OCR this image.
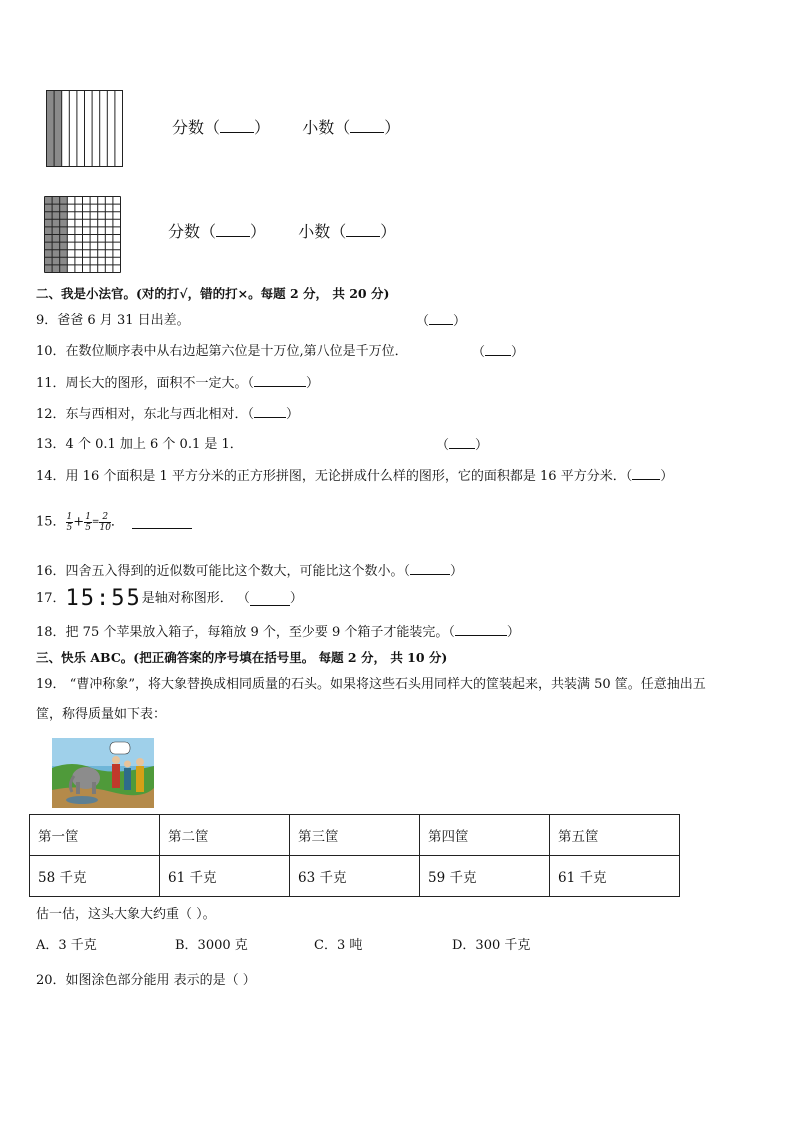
分数（ ） 小数（ ）
分数（ ） 小数（ ）
二、我是小法官。(对的打√，错的打×。每题 2 分， 共 20 分)
9．爸爸 6 月 31 日出差。	（ ）
10．在数位顺序表中从右边起第六位是十万位,第八位是千万位．	（ ）
11．周长大的图形，面积不一定大。（	）
12．东与西相对，东北与西北相对．（ ）
13．4 个 0.1 加上 6 个 0.1 是 1．	（ ）
14．用 16 个面积是 1 平方分米的正方形拼图，无论拼成什么样的图形，它的面积都是 16 平方分米．（ ）
15． $\frac{1}{5} + \frac{1}{5} = \frac{2}{10}$ ．
16．四舍五入得到的近似数可能比这个数大，可能比这个数小。（	）
17．15:55是轴对称图形． （	）
18．把 75 个苹果放入箱子，每箱放 9 个，至少要 9 个箱子才能装完。（	）
三、快乐 ABC。(把正确答案的序号填在括号里。 每题 2 分， 共 10 分)
19． “曹冲称象”，将大象替换成相同质量的石头。如果将这些石头用同样大的筐装起来，共装满 50 筐。任意抽出五
筐，称得质量如下表：
第一筐	第二筐	第三筐	第四筐	第五筐
58 千克	61 千克	63 千克	59 千克	61 千克
估一估，这头大象大约重（ ）。
A．3 千克	B．3000 克	C．3 吨	D．300 千克
20．如图涂色部分能用 表示的是（ ）
